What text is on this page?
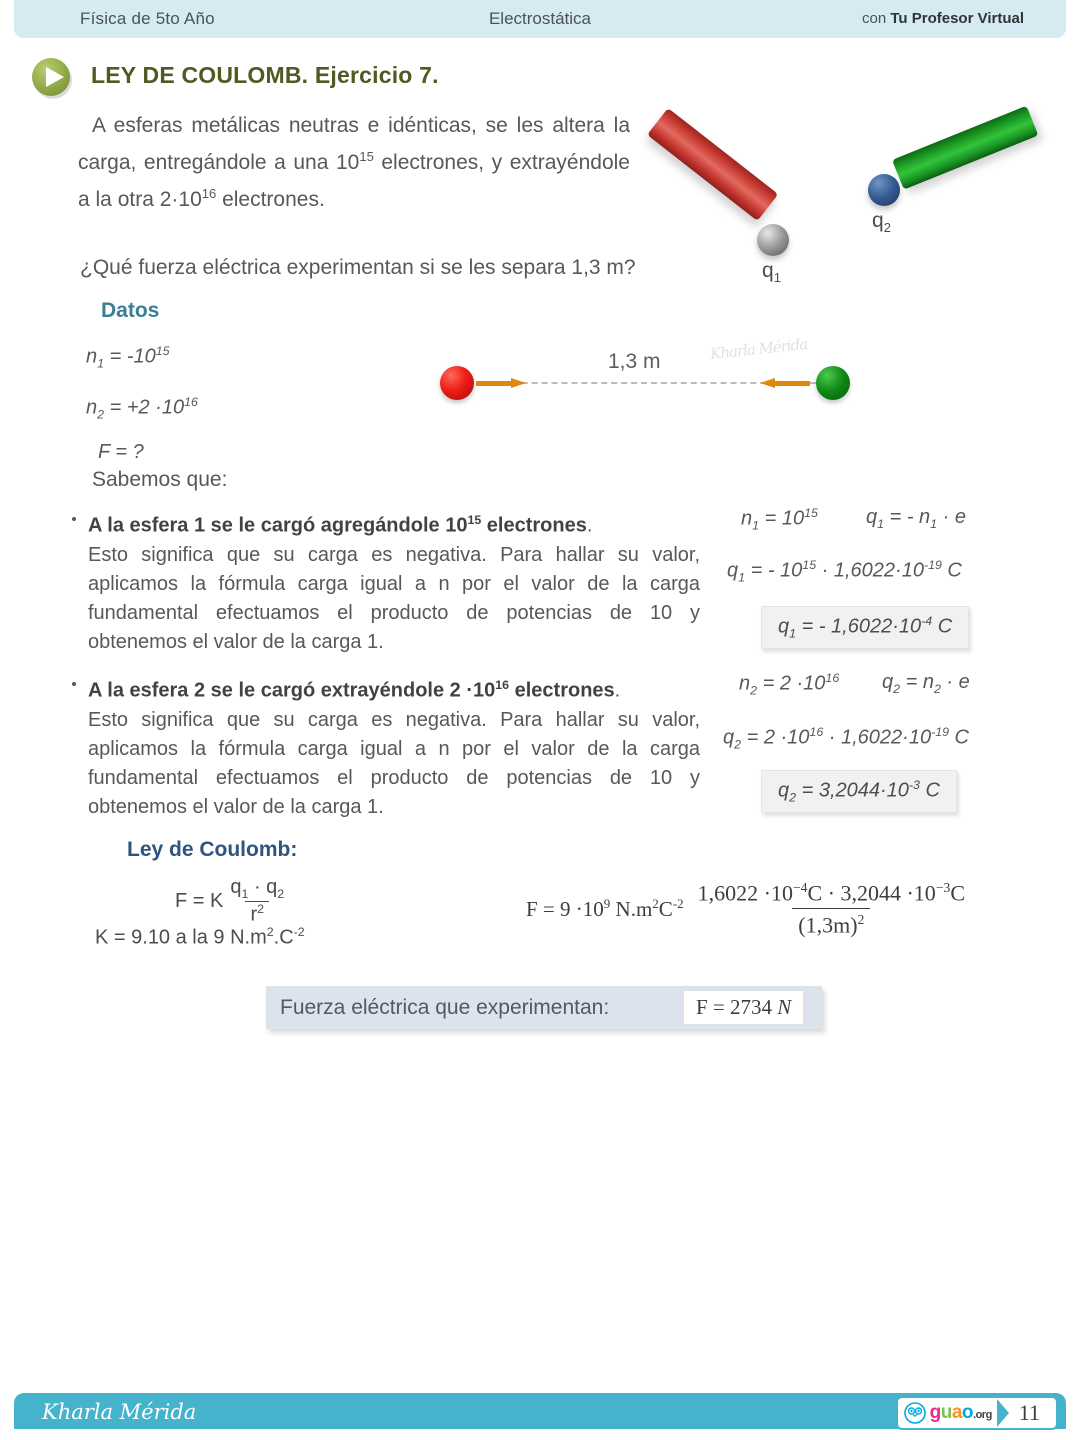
Física de 5to Año	Electrostática	con Tu Profesor Virtual
LEY DE COULOMB. Ejercicio 7.
A esferas metálicas neutras e idénticas, se les altera la carga, entregándole a una $10^{15}$ electrones, y extrayéndole a la otra $2\cdot 10^{16}$ electrones.
¿Qué fuerza eléctrica experimentan si se les separa 1,3 m?
Datos
$n_1 = -10^{15}$
$n_2 = +2 \cdot 10^{16}$
F = ?
1,3 m	Kharla Mérida
$q_1$
$q_2$
Sabemos que:
A la esfera 1 se le cargó agregándole $10^{15}$ electrones.
Esto significa que su carga es negativa. Para hallar su valor, aplicamos la fórmula carga igual a n por el valor de la carga fundamental efectuamos el producto de potencias de 10 y obtenemos el valor de la carga 1.
$n_1 = 10^{15}$ $q_1$ = - $n_1 \cdot e$
$q_1$ = - $10^{15} \cdot 1,6022\cdot 10^{-19}$ C
$q_1$ = - $1,6022\cdot 10^{-4}$ C
A la esfera 2 se le cargó extrayéndole $2 \cdot 10^{16}$ electrones.
Esto significa que su carga es negativa. Para hallar su valor, aplicamos la fórmula carga igual a n por el valor de la carga fundamental efectuamos el producto de potencias de 10 y obtenemos el valor de la carga 1.
$n_2 = 2 \cdot 10^{16}$ $q_2 = n_2 \cdot e$
$q_2 = 2 \cdot 10^{16} \cdot 1,6022\cdot 10^{-19}$ C
$q_2 = 3,2044\cdot 10^{-3}$ C
Ley de Coulomb:
F = K $\frac{q_1 \cdot q_2}{r^2}$
K = 9.10 a la 9 $N.m^2.C^{-2}$
$F = 9 \cdot 10^9$ $N.m^2C^{-2} \frac{1,6022 \cdot 10^{-4}C \cdot 3,2044 \cdot 10^{-3}C}{(1,3m)^2}$
Fuerza eléctrica que experimentan:	F = 2734 N
Kharla Mérida	guao.org 11
